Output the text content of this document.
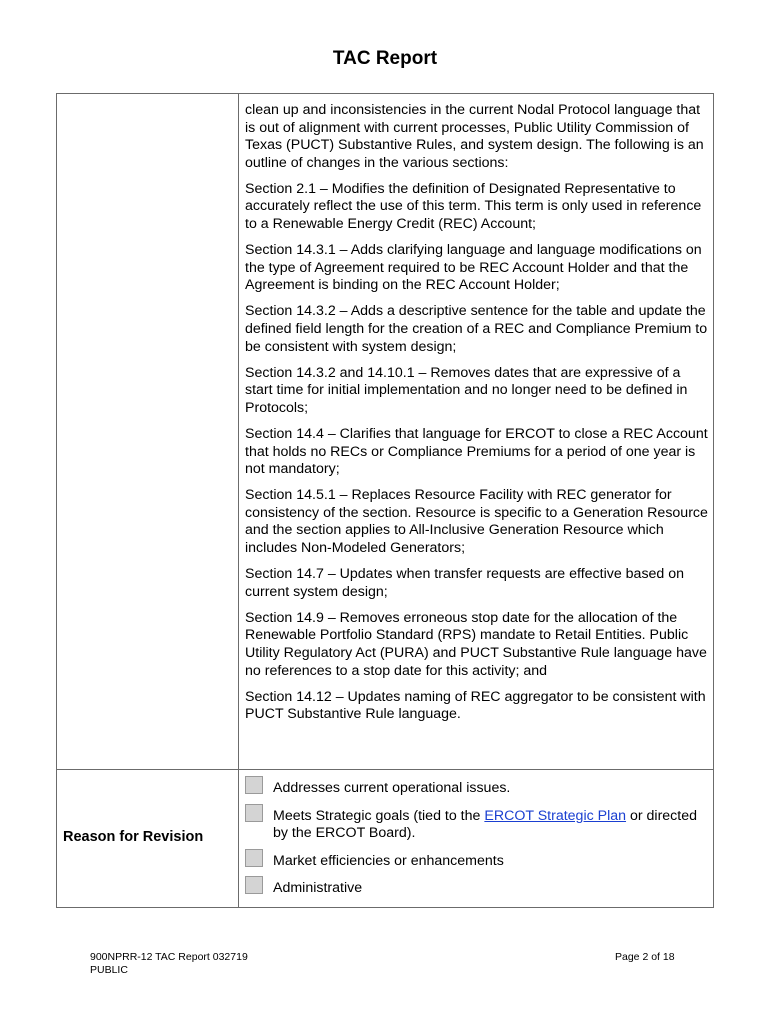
TAC Report

clean up and inconsistencies in the current Nodal Protocol language that is out of alignment with current processes, Public Utility Commission of Texas (PUCT) Substantive Rules, and system design. The following is an outline of changes in the various sections:

Section 2.1 – Modifies the definition of Designated Representative to accurately reflect the use of this term. This term is only used in reference to a Renewable Energy Credit (REC) Account;

Section 14.3.1 – Adds clarifying language and language modifications on the type of Agreement required to be REC Account Holder and that the Agreement is binding on the REC Account Holder;

Section 14.3.2 – Adds a descriptive sentence for the table and update the defined field length for the creation of a REC and Compliance Premium to be consistent with system design;

Section 14.3.2 and 14.10.1 – Removes dates that are expressive of a start time for initial implementation and no longer need to be defined in Protocols;

Section 14.4 – Clarifies that language for ERCOT to close a REC Account that holds no RECs or Compliance Premiums for a period of one year is not mandatory;

Section 14.5.1 – Replaces Resource Facility with REC generator for consistency of the section. Resource is specific to a Generation Resource and the section applies to All-Inclusive Generation Resource which includes Non-Modeled Generators;

Section 14.7 – Updates when transfer requests are effective based on current system design;

Section 14.9 – Removes erroneous stop date for the allocation of the Renewable Portfolio Standard (RPS) mandate to Retail Entities. Public Utility Regulatory Act (PURA) and PUCT Substantive Rule language have no references to a stop date for this activity; and

Section 14.12 – Updates naming of REC aggregator to be consistent with PUCT Substantive Rule language.

Reason for Revision
Addresses current operational issues.
Meets Strategic goals (tied to the ERCOT Strategic Plan or directed by the ERCOT Board).
Market efficiencies or enhancements
Administrative
900NPRR-12 TAC Report 032719
PUBLIC
Page 2 of 18
